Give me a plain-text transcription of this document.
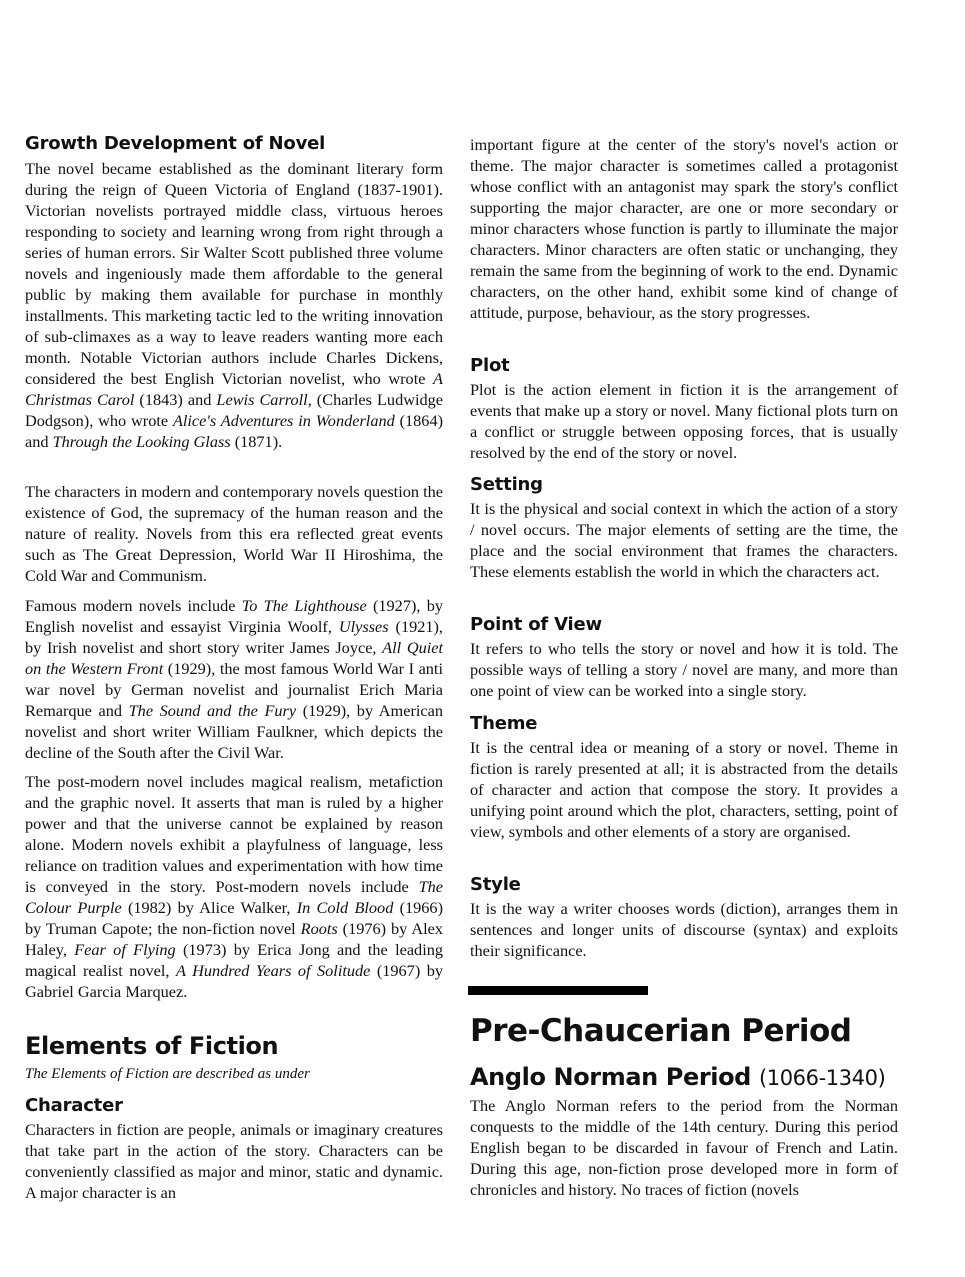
Growth Development of Novel

The novel became established as the dominant literary form during the reign of Queen Victoria of England (1837-1901). Victorian novelists portrayed middle class, virtuous heroes responding to society and learning wrong from right through a series of human errors. Sir Walter Scott published three volume novels and ingeniously made them affordable to the general public by making them available for purchase in monthly installments. This marketing tactic led to the writing innovation of sub-climaxes as a way to leave readers wanting more each month. Notable Victorian authors include Charles Dickens, considered the best English Victorian novelist, who wrote A Christmas Carol (1843) and Lewis Carroll, (Charles Ludwidge Dodgson), who wrote Alice's Adventures in Wonderland (1864) and Through the Looking Glass (1871).

The characters in modern and contemporary novels question the existence of God, the supremacy of the human reason and the nature of reality. Novels from this era reflected great events such as The Great Depression, World War II Hiroshima, the Cold War and Communism.

Famous modern novels include To The Lighthouse (1927), by English novelist and essayist Virginia Woolf, Ulysses (1921), by Irish novelist and short story writer James Joyce, All Quiet on the Western Front (1929), the most famous World War I anti war novel by German novelist and journalist Erich Maria Remarque and The Sound and the Fury (1929), by American novelist and short writer William Faulkner, which depicts the decline of the South after the Civil War.

The post-modern novel includes magical realism, metafiction and the graphic novel. It asserts that man is ruled by a higher power and that the universe cannot be explained by reason alone. Modern novels exhibit a playfulness of language, less reliance on tradition values and experimentation with how time is conveyed in the story. Post-modern novels include The Colour Purple (1982) by Alice Walker, In Cold Blood (1966) by Truman Capote; the non-fiction novel Roots (1976) by Alex Haley, Fear of Flying (1973) by Erica Jong and the leading magical realist novel, A Hundred Years of Solitude (1967) by Gabriel Garcia Marquez.

Elements of Fiction

The Elements of Fiction are described as under

Character

Characters in fiction are people, animals or imaginary creatures that take part in the action of the story. Characters can be conveniently classified as major and minor, static and dynamic. A major character is an

important figure at the center of the story's novel's action or theme. The major character is sometimes called a protagonist whose conflict with an antagonist may spark the story's conflict supporting the major character, are one or more secondary or minor characters whose function is partly to illuminate the major characters. Minor characters are often static or unchanging, they remain the same from the beginning of work to the end. Dynamic characters, on the other hand, exhibit some kind of change of attitude, purpose, behaviour, as the story progresses.

Plot

Plot is the action element in fiction it is the arrangement of events that make up a story or novel. Many fictional plots turn on a conflict or struggle between opposing forces, that is usually resolved by the end of the story or novel.

Setting

It is the physical and social context in which the action of a story / novel occurs. The major elements of setting are the time, the place and the social environment that frames the characters. These elements establish the world in which the characters act.

Point of View

It refers to who tells the story or novel and how it is told. The possible ways of telling a story / novel are many, and more than one point of view can be worked into a single story.

Theme

It is the central idea or meaning of a story or novel. Theme in fiction is rarely presented at all; it is abstracted from the details of character and action that compose the story. It provides a unifying point around which the plot, characters, setting, point of view, symbols and other elements of a story are organised.

Style

It is the way a writer chooses words (diction), arranges them in sentences and longer units of discourse (syntax) and exploits their significance.

Pre-Chaucerian Period
Anglo Norman Period (1066-1340)

The Anglo Norman refers to the period from the Norman conquests to the middle of the 14th century. During this period English began to be discarded in favour of French and Latin. During this age, non-fiction prose developed more in form of chronicles and history. No traces of fiction (novels
